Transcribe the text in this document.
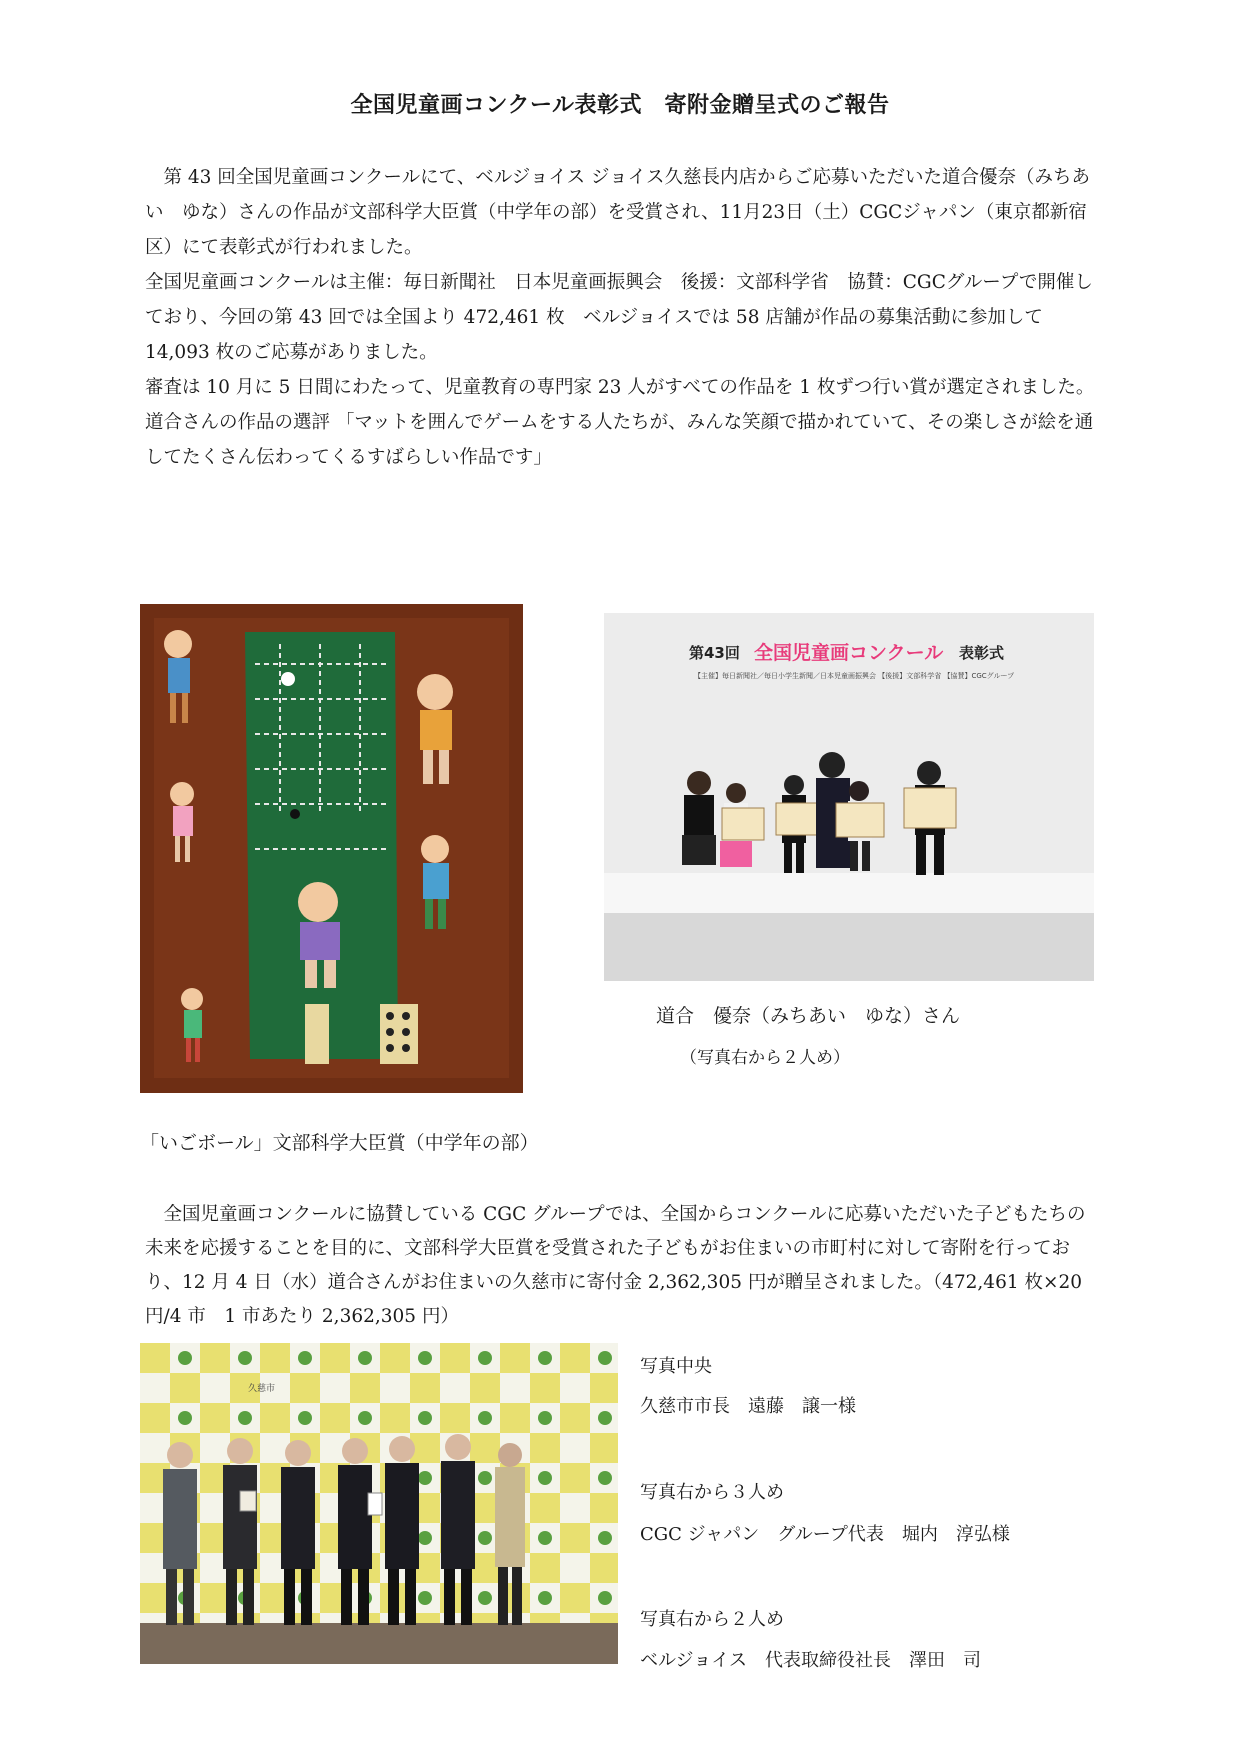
全国児童画コンクール表彰式　寄附金贈呈式のご報告

第 43 回全国児童画コンクールにて、ベルジョイス ジョイス久慈長内店からご応募いただいた道合優奈（みちあい　ゆな）さんの作品が文部科学大臣賞（中学年の部）を受賞され、11月23日（土）CGCジャパン（東京都新宿区）にて表彰式が行われました。

全国児童画コンクールは主催：毎日新聞社　日本児童画振興会　後援：文部科学省　協賛：CGCグループで開催しており、今回の第 43 回では全国より 472,461 枚　ベルジョイスでは 58 店舗が作品の募集活動に参加して 14,093 枚のご応募がありました。

審査は 10 月に 5 日間にわたって、児童教育の専門家 23 人がすべての作品を 1 枚ずつ行い賞が選定されました。

道合さんの作品の選評 「マットを囲んでゲームをする人たちが、みんな笑顔で描かれていて、その楽しさが絵を通してたくさん伝わってくるすばらしい作品です」

第43回 全国児童画コンクール 表彰式
【主催】毎日新聞社／毎日小学生新聞／日本児童画振興会 【後援】文部科学省 【協賛】CGCグループ
道合　優奈（みちあい　ゆな）さん
（写真右から２人め）
「いごボール」文部科学大臣賞（中学年の部）

全国児童画コンクールに協賛している CGC グループでは、全国からコンクールに応募いただいた子どもたちの未来を応援することを目的に、文部科学大臣賞を受賞された子どもがお住まいの市町村に対して寄附を行っており、12 月 4 日（水）道合さんがお住まいの久慈市に寄付金 2,362,305 円が贈呈されました。（472,461 枚×20 円/4 市　1 市あたり 2,362,305 円）

久慈市
写真中央
久慈市市長　遠藤　譲一様
写真右から３人め
CGC ジャパン　グループ代表　堀内　淳弘様
写真右から２人め
ベルジョイス　代表取締役社長　澤田　司
